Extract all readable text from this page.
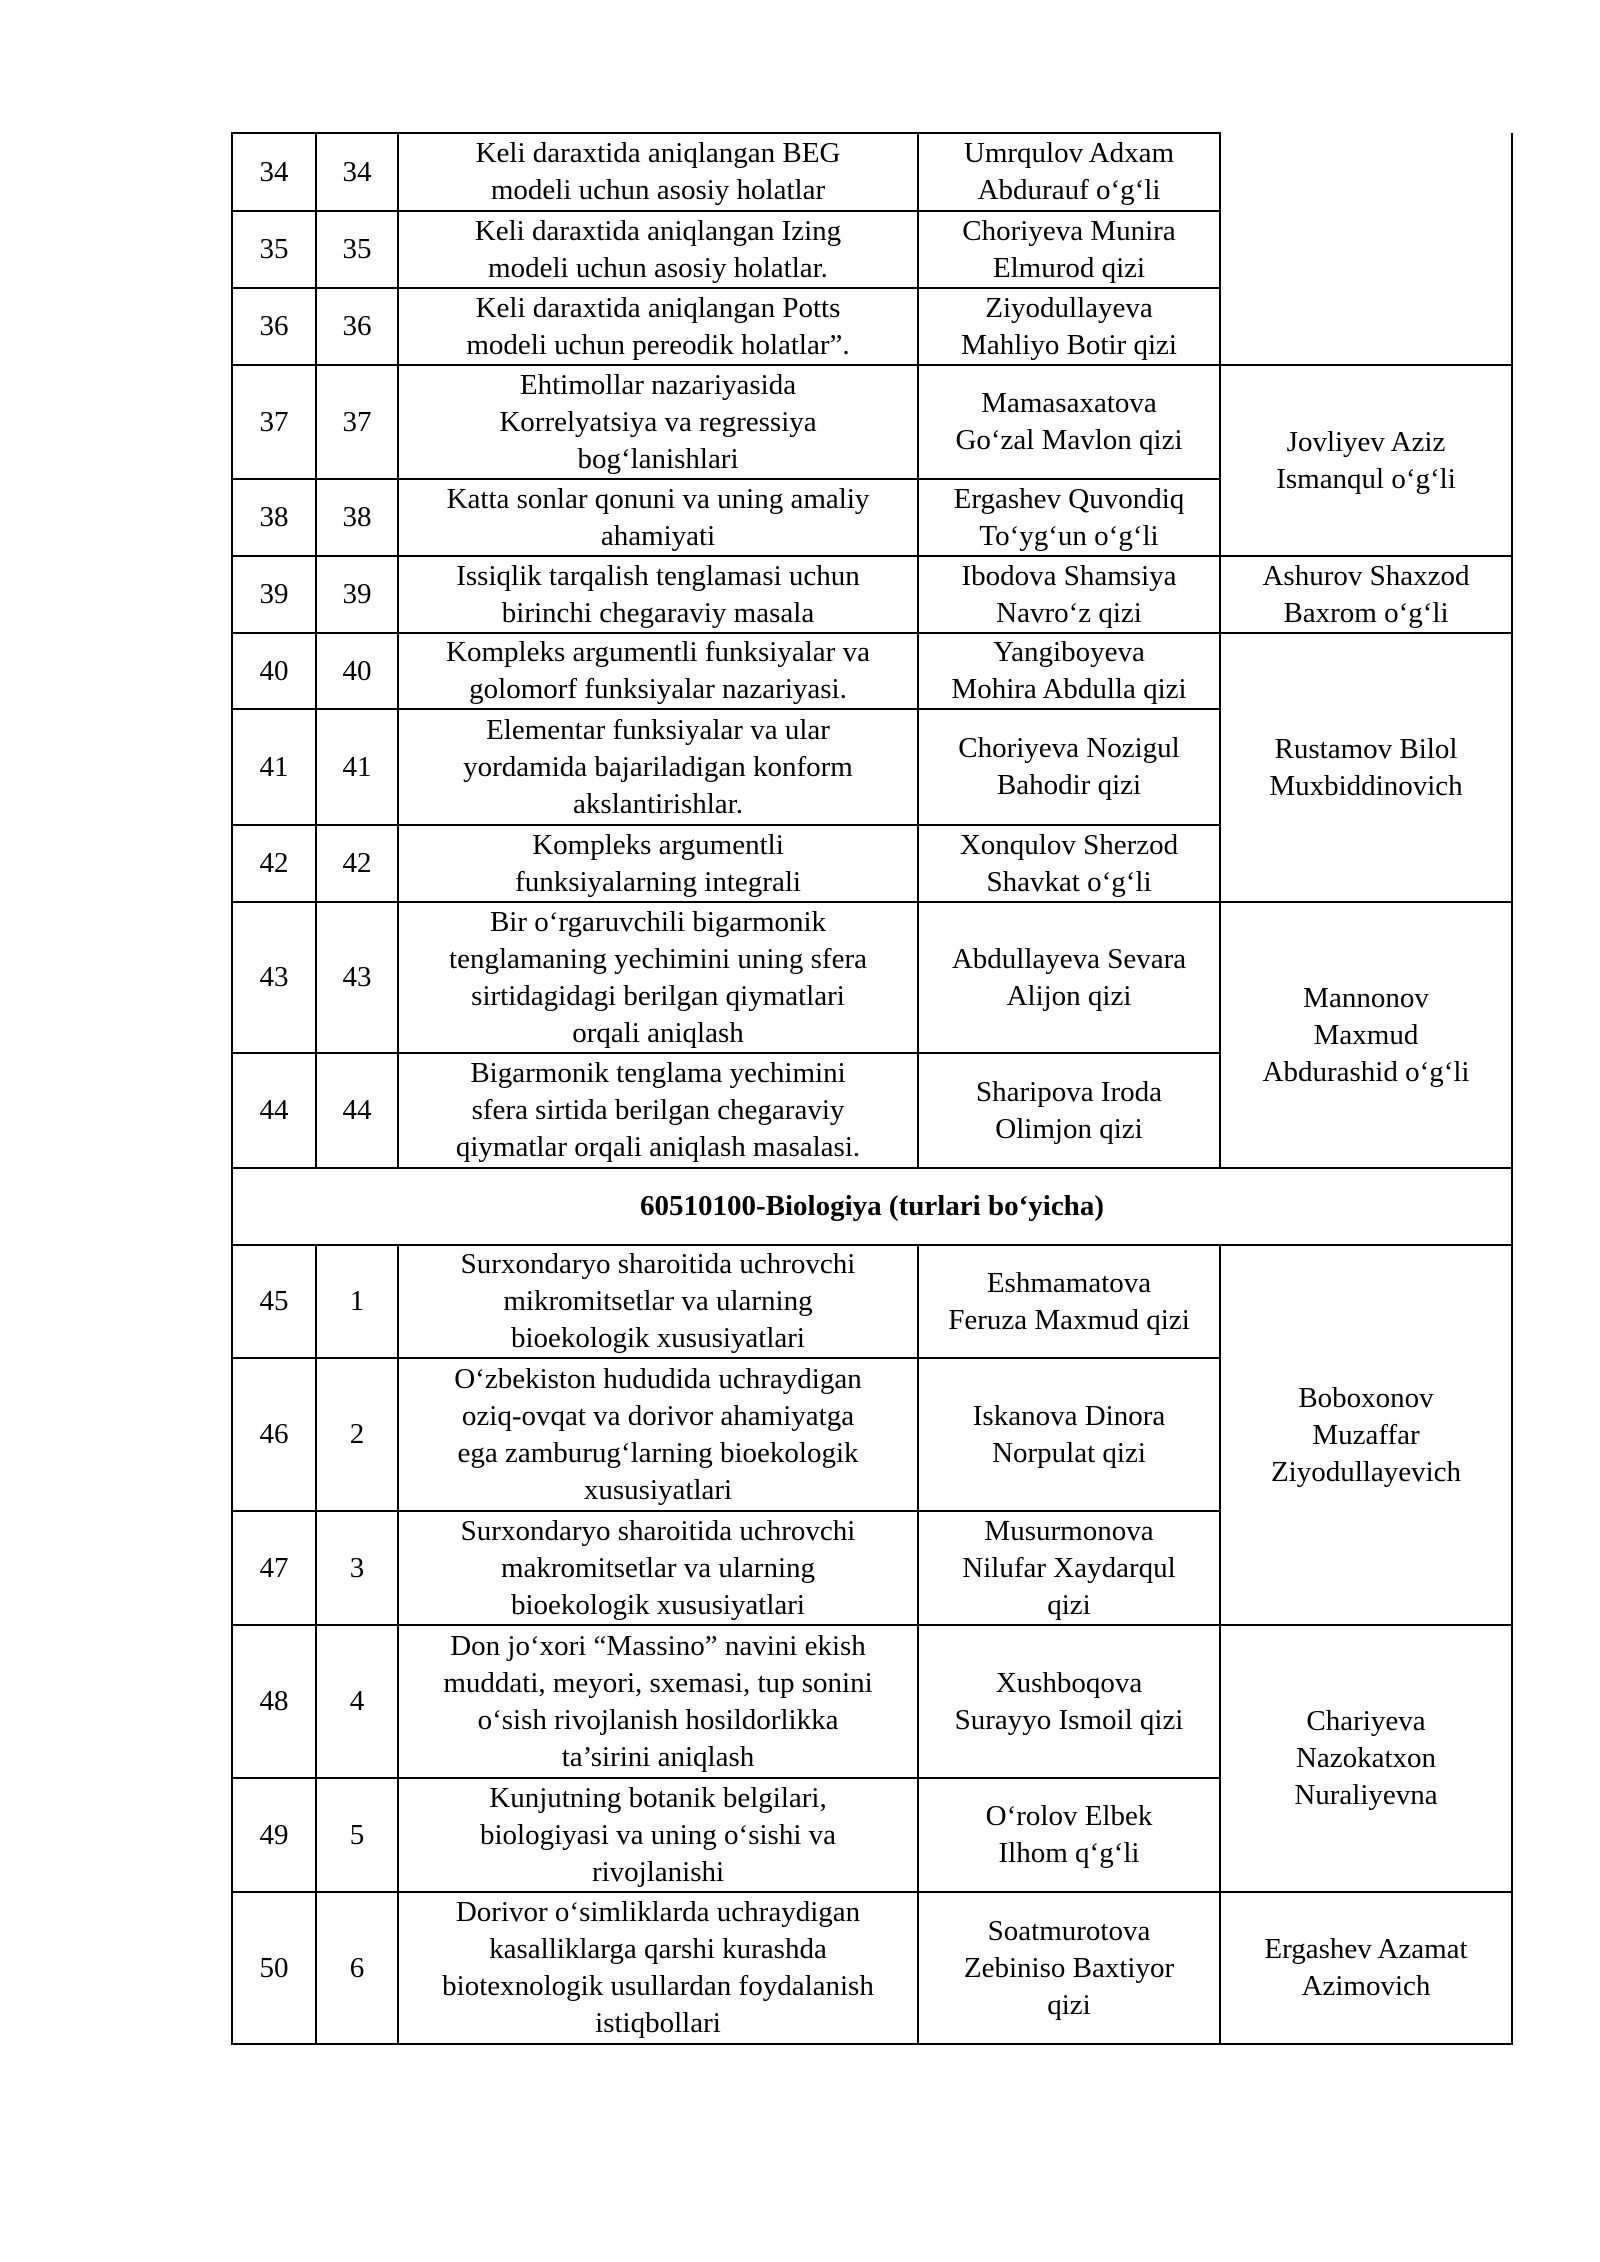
34	34	Keli daraxtida aniqlangan BEG
modeli uchun asosiy holatlar	Umrqulov Adxam
Abdurauf o‘g‘li	

35	35	Keli daraxtida aniqlangan Izing
modeli uchun asosiy holatlar.	Choriyeva Munira
Elmurod qizi	

36	36	Keli daraxtida aniqlangan Potts
modeli uchun pereodik holatlar”.	Ziyodullayeva
Mahliyo Botir qizi	

37	37	Ehtimollar nazariyasida
Korrelyatsiya va regressiya
bog‘lanishlari	Mamasaxatova
Go‘zal Mavlon qizi	Jovliyev Aziz
Ismanqul o‘g‘li

38	38	Katta sonlar qonuni va uning amaliy
ahamiyati	Ergashev Quvondiq
To‘yg‘un o‘g‘li	

39	39	Issiqlik tarqalish tenglamasi uchun
birinchi chegaraviy masala	Ibodova Shamsiya
Navro‘z qizi	Ashurov Shaxzod
Baxrom o‘g‘li

40	40	Kompleks argumentli funksiyalar va
golomorf funksiyalar nazariyasi.	Yangiboyeva
Mohira Abdulla qizi	Rustamov Bilol
Muxbiddinovich

41	41	Elementar funksiyalar va ular
yordamida bajariladigan konform
akslantirishlar.	Choriyeva Nozigul
Bahodir qizi	

42	42	Kompleks argumentli
funksiyalarning integrali	Xonqulov Sherzod
Shavkat o‘g‘li	

43	43	Bir o‘rgaruvchili bigarmonik
tenglamaning yechimini uning sfera
sirtidagidagi berilgan qiymatlari
orqali aniqlash	Abdullayeva Sevara
Alijon qizi	Mannonov
Maxmud
Abdurashid o‘g‘li

44	44	Bigarmonik tenglama yechimini
sfera sirtida berilgan chegaraviy
qiymatlar orqali aniqlash masalasi.	Sharipova Iroda
Olimjon qizi	

60510100-Biologiya (turlari bo‘yicha)				
45	1	Surxondaryo sharoitida uchrovchi
mikromitsetlar va ularning
bioekologik xususiyatlari	Eshmamatova
Feruza Maxmud qizi	Boboxonov
Muzaffar
Ziyodullayevich

46	2	O‘zbekiston hududida uchraydigan
oziq-ovqat va dorivor ahamiyatga
ega zamburug‘larning bioekologik
xususiyatlari	Iskanova Dinora
Norpulat qizi	

47	3	Surxondaryo sharoitida uchrovchi
makromitsetlar va ularning
bioekologik xususiyatlari	Musurmonova
Nilufar Xaydarqul
qizi	

48	4	Don jo‘xori “Massino” navini ekish
muddati, meyori, sxemasi, tup sonini
o‘sish rivojlanish hosildorlikka
ta’sirini aniqlash	Xushboqova
Surayyo Ismoil qizi	Chariyeva
Nazokatxon
Nuraliyevna

49	5	Kunjutning botanik belgilari,
biologiyasi va uning o‘sishi va
rivojlanishi	O‘rolov Elbek
Ilhom q‘g‘li	

50	6	Dorivor o‘simliklarda uchraydigan
kasalliklarga qarshi kurashda
biotexnologik usullardan foydalanish
istiqbollari	Soatmurotova
Zebiniso Baxtiyor
qizi	Ergashev Azamat
Azimovich
